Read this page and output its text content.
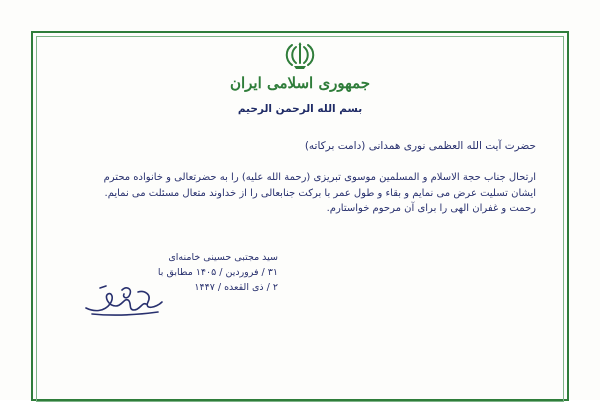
جمهوری اسلامی ایران
بسم الله الرحمن الرحیم
حضرت آیت الله العظمی نوری همدانی (دامت برکاته)
ارتحال جناب حجة الاسلام و المسلمین موسوی تبریزی (رحمة الله علیه) را به حضرتعالی و خانواده محترم
ایشان تسلیت عرض می نمایم و بقاء و طول عمر با برکت جنابعالی را از خداوند متعال مسئلت می نمایم.
رحمت و غفران الهی را برای آن مرحوم خواستارم.
سید مجتبی حسینی خامنه‌ای
۳۱ / فروردین / ۱۴۰۵ مطابق با
۲ / ذی القعده / ۱۴۴۷
